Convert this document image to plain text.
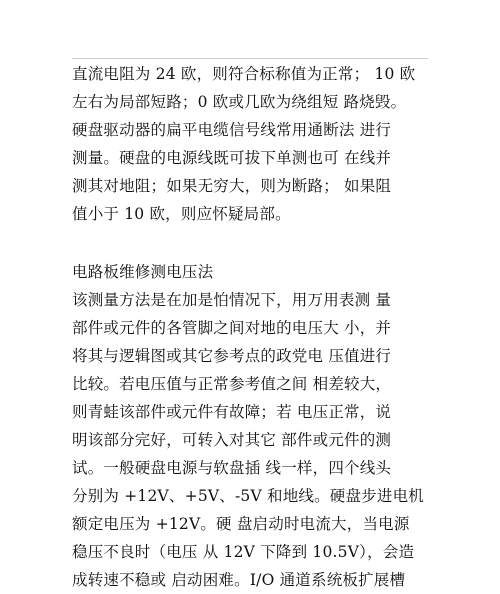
直流电阻为 24 欧，则符合标称值为正常； 10 欧
左右为局部短路；0 欧或几欧为绕组短 路烧毁。
硬盘驱动器的扁平电缆信号线常用通断法 进行
测量。硬盘的电源线既可拔下单测也可 在线并
测其对地阻；如果无穷大，则为断路； 如果阻
值小于 10 欧，则应怀疑局部。
电路板维修测电压法
该测量方法是在加是怕情况下，用万用表测 量
部件或元件的各管脚之间对地的电压大 小，并
将其与逻辑图或其它参考点的政党电 压值进行
比较。若电压值与正常参考值之间 相差较大，
则青蛙该部件或元件有故障；若 电压正常，说
明该部分完好，可转入对其它 部件或元件的测
试。一般硬盘电源与软盘插 线一样，四个线头
分别为 +12V、+5V、-5V 和地线。硬盘步进电机
额定电压为 +12V。硬 盘启动时电流大，当电源
稳压不良时（电压 从 12V 下降到 10.5V），会造
成转速不稳或 启动困难。I/O 通道系统板扩展槽
